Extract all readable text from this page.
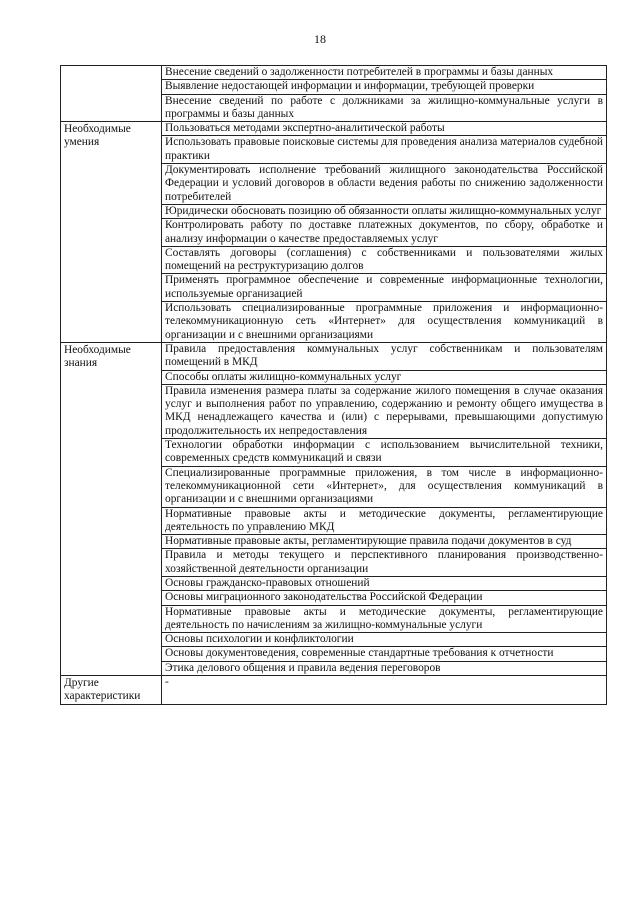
18
	Внесение сведений о задолженности потребителей в программы и базы данных
	Выявление недостающей информации и информации, требующей проверки
	Внесение сведений по работе с должниками за жилищно-коммунальные услуги в программы и базы данных
Необходимые умения	Пользоваться методами экспертно-аналитической работы
	Использовать правовые поисковые системы для проведения анализа материалов судебной практики
	Документировать исполнение требований жилищного законодательства Российской Федерации и условий договоров в области ведения работы по снижению задолженности потребителей
	Юридически обосновать позицию об обязанности оплаты жилищно-коммунальных услуг
	Контролировать работу по доставке платежных документов, по сбору, обработке и анализу информации о качестве предоставляемых услуг
	Составлять договоры (соглашения) с собственниками и пользователями жилых помещений на реструктуризацию долгов
	Применять программное обеспечение и современные информационные технологии, используемые организацией
	Использовать специализированные программные приложения и информационно-телекоммуникационную сеть «Интернет» для осуществления коммуникаций в организации и с внешними организациями
Необходимые знания	Правила предоставления коммунальных услуг собственникам и пользователям помещений в МКД
	Способы оплаты жилищно-коммунальных услуг
	Правила изменения размера платы за содержание жилого помещения в случае оказания услуг и выполнения работ по управлению, содержанию и ремонту общего имущества в МКД ненадлежащего качества и (или) с перерывами, превышающими допустимую продолжительность их непредоставления
	Технологии обработки информации с использованием вычислительной техники, современных средств коммуникаций и связи
	Специализированные программные приложения, в том числе в информационно-телекоммуникационной сети «Интернет», для осуществления коммуникаций в организации и с внешними организациями
	Нормативные правовые акты и методические документы, регламентирующие деятельность по управлению МКД
	Нормативные правовые акты, регламентирующие правила подачи документов в суд
	Правила и методы текущего и перспективного планирования производственно-хозяйственной деятельности организации
	Основы гражданско-правовых отношений
	Основы миграционного законодательства Российской Федерации
	Нормативные правовые акты и методические документы, регламентирующие деятельность по начислениям за жилищно-коммунальные услуги
	Основы психологии и конфликтологии
	Основы документоведения, современные стандартные требования к отчетности
	Этика делового общения и правила ведения переговоров
Другие характеристики	-
